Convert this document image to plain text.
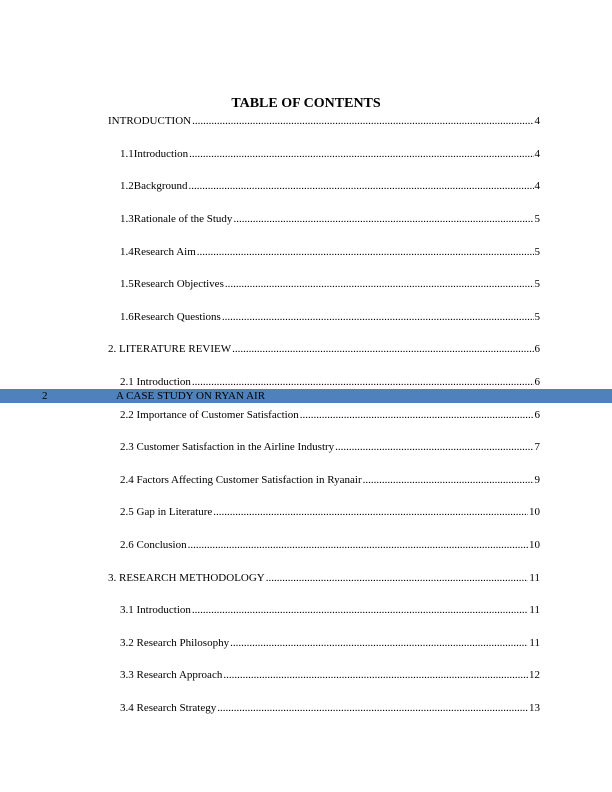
TABLE OF CONTENTS
INTRODUCTION .....	4
1.1 Introduction .....	4
1.2 Background .....	4
1.3 Rationale of the Study .....	5
1.4 Research Aim .....	5
1.5 Research Objectives .....	5
1.6 Research Questions .....	5
2. LITERATURE REVIEW .....	6
2.1 Introduction .....	6
2.2 Importance of Customer Satisfaction .....	6
2.3 Customer Satisfaction in the Airline Industry .....	7
2.4 Factors Affecting Customer Satisfaction in Ryanair .....	9
2.5 Gap in Literature .....	10
2.6 Conclusion .....	10
3. RESEARCH METHODOLOGY .....	11
3.1 Introduction .....	11
3.2 Research Philosophy .....	11
3.3 Research Approach .....	12
3.4 Research Strategy .....	13
2	A CASE STUDY ON RYAN AIR
